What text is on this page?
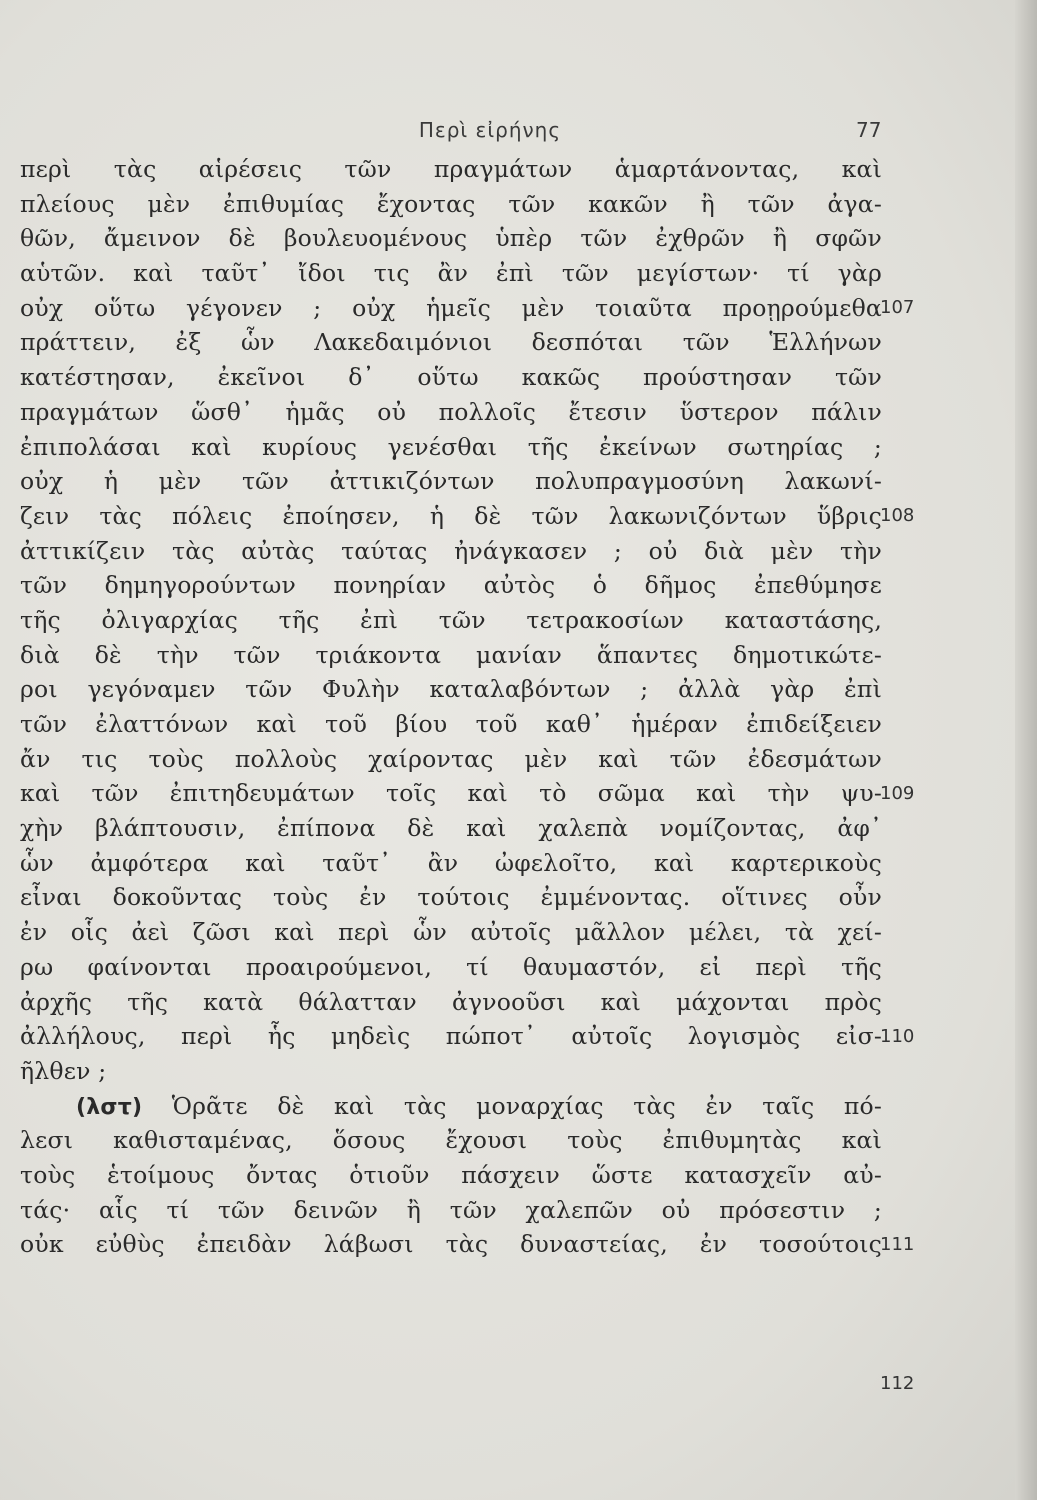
Περὶ εἰρήνης	77
περὶ τὰς αἱρέσεις τῶν πραγμάτων ἁμαρτάνοντας, καὶ
πλείους μὲν ἐπιθυμίας ἔχοντας τῶν κακῶν ἢ τῶν ἀγα-
θῶν, ἄμεινον δὲ βουλευομένους ὑπὲρ τῶν ἐχθρῶν ἢ σφῶν
αὑτῶν. καὶ ταῦτ᾽ ἴδοι τις ἂν ἐπὶ τῶν μεγίστων· τί γὰρ
οὐχ οὕτω γέγονεν ; οὐχ ἡμεῖς μὲν τοιαῦτα προῃρούμεθα
πράττειν, ἐξ ὧν Λακεδαιμόνιοι δεσπόται τῶν Ἑλλήνων
κατέστησαν, ἐκεῖνοι δ᾽ οὕτω κακῶς προύστησαν τῶν
πραγμάτων ὥσθ᾽ ἡμᾶς οὐ πολλοῖς ἔτεσιν ὕστερον πάλιν
ἐπιπολάσαι καὶ κυρίους γενέσθαι τῆς ἐκείνων σωτηρίας ;
οὐχ ἡ μὲν τῶν ἀττικιζόντων πολυπραγμοσύνη λακωνί-
ζειν τὰς πόλεις ἐποίησεν, ἡ δὲ τῶν λακωνιζόντων ὕβρις
ἀττικίζειν τὰς αὐτὰς ταύτας ἠνάγκασεν ; οὐ διὰ μὲν τὴν
τῶν δημηγορούντων πονηρίαν αὐτὸς ὁ δῆμος ἐπεθύμησε
τῆς ὀλιγαρχίας τῆς ἐπὶ τῶν τετρακοσίων καταστάσης,
διὰ δὲ τὴν τῶν τριάκοντα μανίαν ἅπαντες δημοτικώτε-
ροι γεγόναμεν τῶν Φυλὴν καταλαβόντων ; ἀλλὰ γὰρ ἐπὶ
τῶν ἐλαττόνων καὶ τοῦ βίου τοῦ καθ᾽ ἡμέραν ἐπιδείξειεν
ἄν τις τοὺς πολλοὺς χαίροντας μὲν καὶ τῶν ἐδεσμάτων
καὶ τῶν ἐπιτηδευμάτων τοῖς καὶ τὸ σῶμα καὶ τὴν ψυ-
χὴν βλάπτουσιν, ἐπίπονα δὲ καὶ χαλεπὰ νομίζοντας, ἀφ᾽
ὧν ἀμφότερα καὶ ταῦτ᾽ ἂν ὠφελοῖτο, καὶ καρτερικοὺς
εἶναι δοκοῦντας τοὺς ἐν τούτοις ἐμμένοντας. οἵτινες οὖν
ἐν οἷς ἀεὶ ζῶσι καὶ περὶ ὧν αὐτοῖς μᾶλλον μέλει, τὰ χεί-
ρω φαίνονται προαιρούμενοι, τί θαυμαστόν, εἰ περὶ τῆς
ἀρχῆς τῆς κατὰ θάλατταν ἀγνοοῦσι καὶ μάχονται πρὸς
ἀλλήλους, περὶ ἧς μηδεὶς πώποτ᾽ αὐτοῖς λογισμὸς εἰσ-
ῆλθεν ;
(λστ) Ὁρᾶτε δὲ καὶ τὰς μοναρχίας τὰς ἐν ταῖς πό-
λεσι καθισταμένας, ὅσους ἔχουσι τοὺς ἐπιθυμητὰς καὶ
τοὺς ἑτοίμους ὄντας ὁτιοῦν πάσχειν ὥστε κατασχεῖν αὐ-
τάς· αἷς τί τῶν δεινῶν ἢ τῶν χαλεπῶν οὐ πρόσεστιν ;
οὐκ εὐθὺς ἐπειδὰν λάβωσι τὰς δυναστείας, ἐν τοσούτοις
107
108
109
110
111
112
